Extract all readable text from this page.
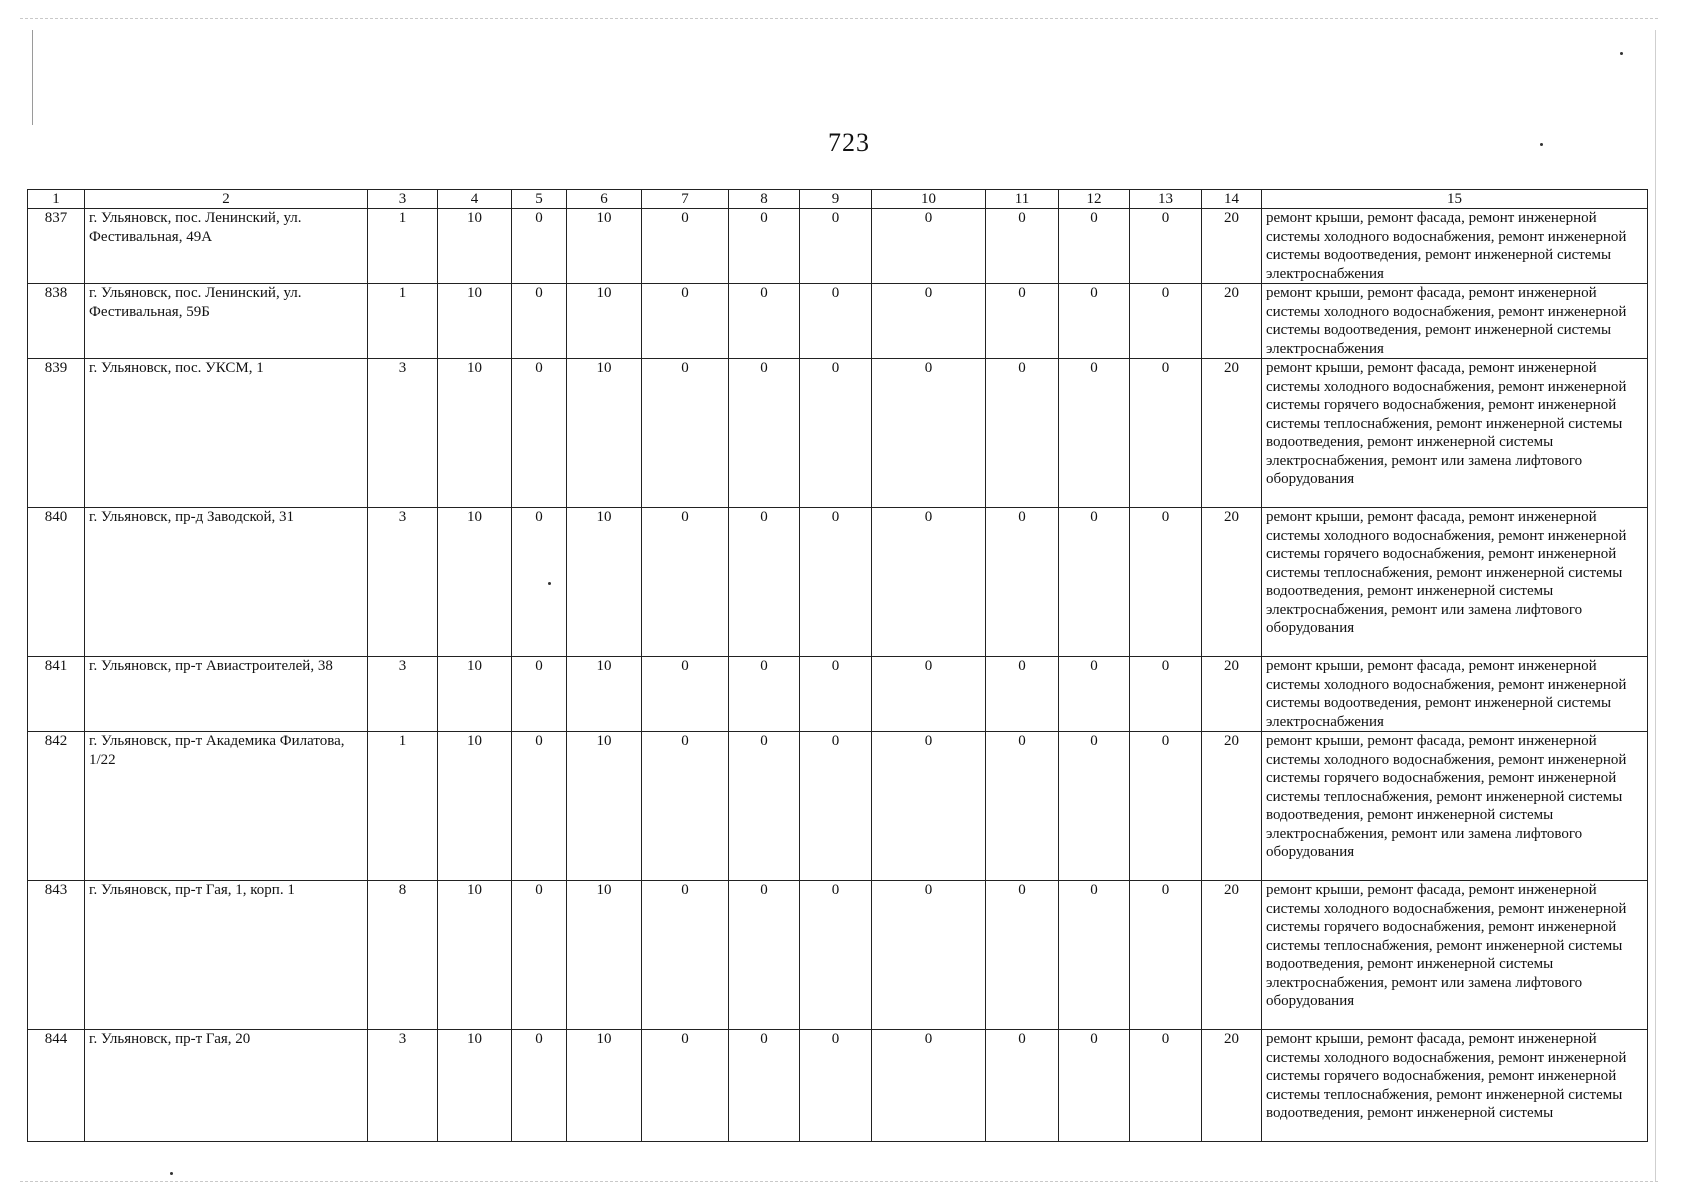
723
1	2	3	4	5	6	7	8	9	10	11	12	13	14	15
837	г. Ульяновск, пос. Ленинский, ул. Фестивальная, 49А	1	10	0	10	0	0	0	0	0	0	0	20	ремонт крыши, ремонт фасада, ремонт инженерной системы холодного водоснабжения, ремонт инженерной системы водоотведения, ремонт инженерной системы электроснабжения
838	г. Ульяновск, пос. Ленинский, ул. Фестивальная, 59Б	1	10	0	10	0	0	0	0	0	0	0	20	ремонт крыши, ремонт фасада, ремонт инженерной системы холодного водоснабжения, ремонт инженерной системы водоотведения, ремонт инженерной системы электроснабжения
839	г. Ульяновск, пос. УКСМ, 1	3	10	0	10	0	0	0	0	0	0	0	20	ремонт крыши, ремонт фасада, ремонт инженерной системы холодного водоснабжения, ремонт инженерной системы горячего водоснабжения, ремонт инженерной системы теплоснабжения, ремонт инженерной системы водоотведения, ремонт инженерной системы электроснабжения, ремонт или замена лифтового оборудования
840	г. Ульяновск, пр-д Заводской, 31	3	10	0	10	0	0	0	0	0	0	0	20	ремонт крыши, ремонт фасада, ремонт инженерной системы холодного водоснабжения, ремонт инженерной системы горячего водоснабжения, ремонт инженерной системы теплоснабжения, ремонт инженерной системы водоотведения, ремонт инженерной системы электроснабжения, ремонт или замена лифтового оборудования
841	г. Ульяновск, пр-т Авиастроителей, 38	3	10	0	10	0	0	0	0	0	0	0	20	ремонт крыши, ремонт фасада, ремонт инженерной системы холодного водоснабжения, ремонт инженерной системы водоотведения, ремонт инженерной системы электроснабжения
842	г. Ульяновск, пр-т Академика Филатова, 1/22	1	10	0	10	0	0	0	0	0	0	0	20	ремонт крыши, ремонт фасада, ремонт инженерной системы холодного водоснабжения, ремонт инженерной системы горячего водоснабжения, ремонт инженерной системы теплоснабжения, ремонт инженерной системы водоотведения, ремонт инженерной системы электроснабжения, ремонт или замена лифтового оборудования
843	г. Ульяновск, пр-т Гая, 1, корп. 1	8	10	0	10	0	0	0	0	0	0	0	20	ремонт крыши, ремонт фасада, ремонт инженерной системы холодного водоснабжения, ремонт инженерной системы горячего водоснабжения, ремонт инженерной системы теплоснабжения, ремонт инженерной системы водоотведения, ремонт инженерной системы электроснабжения, ремонт или замена лифтового оборудования
844	г. Ульяновск, пр-т Гая, 20	3	10	0	10	0	0	0	0	0	0	0	20	ремонт крыши, ремонт фасада, ремонт инженерной системы холодного водоснабжения, ремонт инженерной системы горячего водоснабжения, ремонт инженерной системы теплоснабжения, ремонт инженерной системы водоотведения, ремонт инженерной системы
